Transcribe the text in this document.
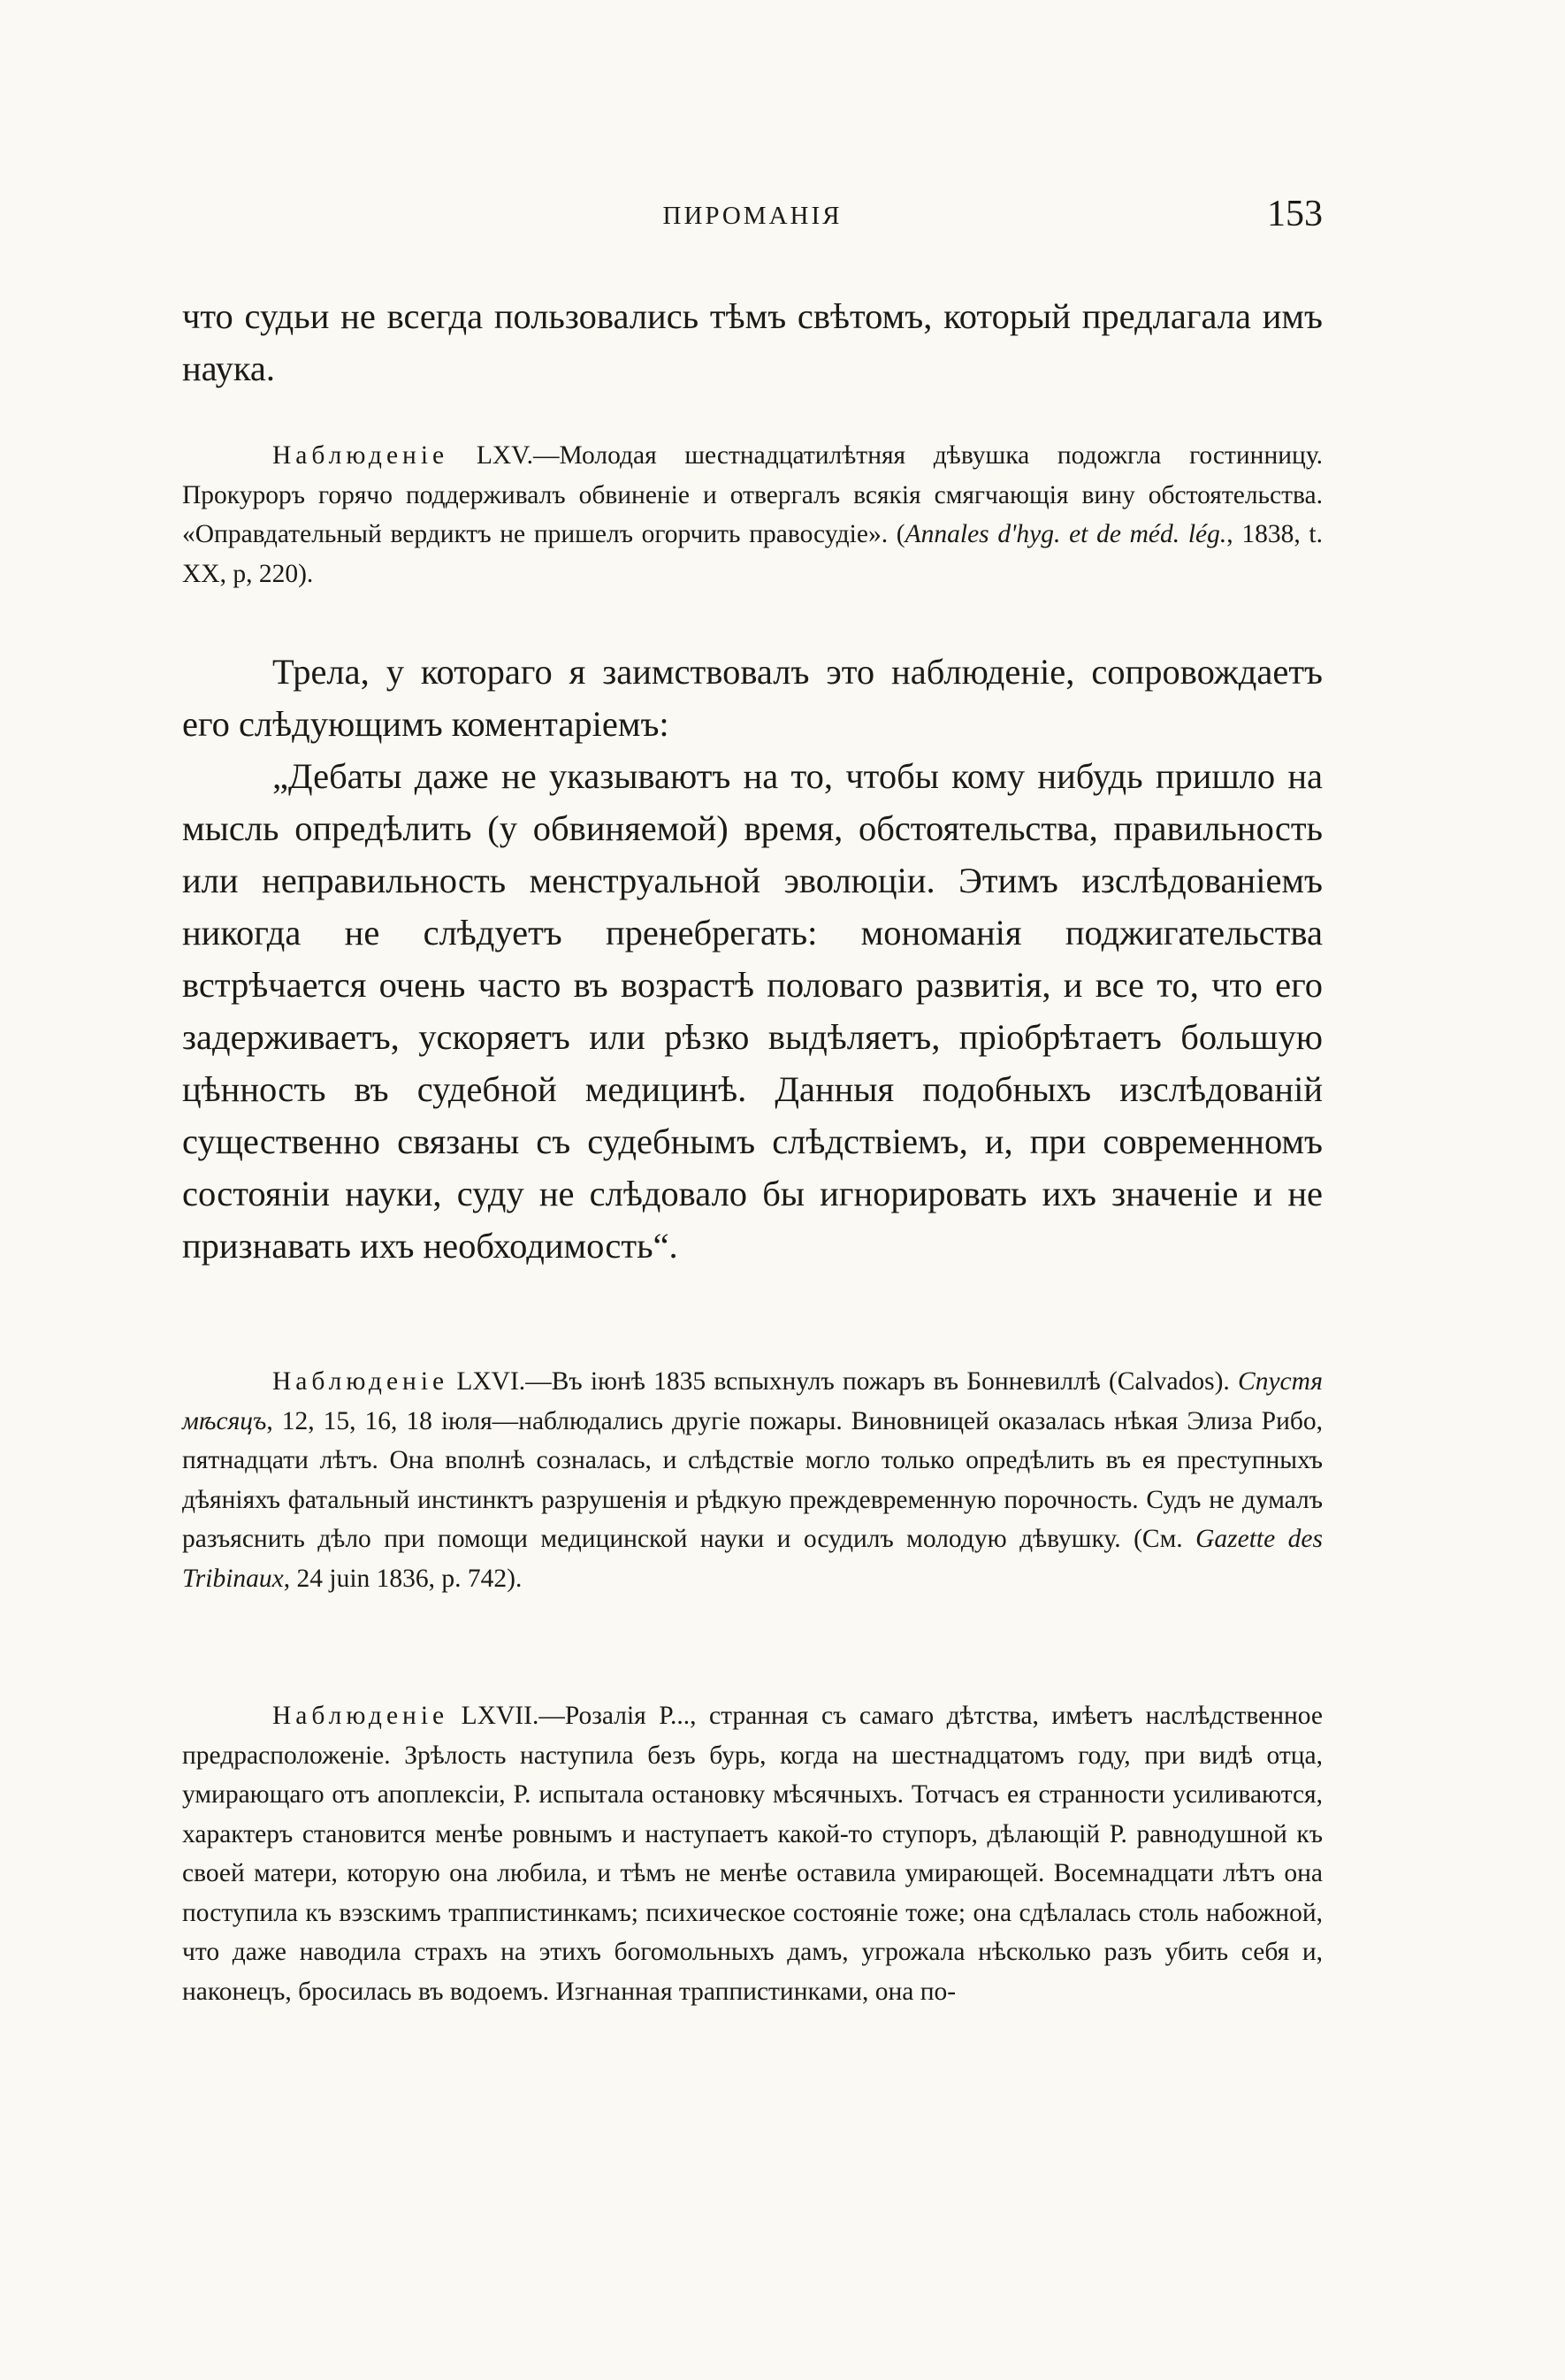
ПИРОМАНІЯ	153

что судьи не всегда пользовались тѣмъ свѣтомъ, который предлагала имъ наука.

Наблюденіе LXV.—Молодая шестнадцатилѣтняя дѣвушка подожгла гостинницу. Прокуроръ горячо поддерживалъ обвиненіе и отвергалъ всякія смягчающія вину обстоятельства. «Оправдательный вердиктъ не пришелъ огорчить правосудіе». (Annales d'hyg. et de méd. lég., 1838, t. XX, p, 220).

Трела, у котораго я заимствовалъ это наблюденіе, сопровождаетъ его слѣдующимъ коментаріемъ:

„Дебаты даже не указываютъ на то, чтобы кому нибудь пришло на мысль опредѣлить (у обвиняемой) время, обстоятельства, правильность или неправильность менструальной эволюціи. Этимъ изслѣдованіемъ никогда не слѣдуетъ пренебрегать: мономанія поджигательства встрѣчается очень часто въ возрастѣ половаго развитія, и все то, что его задерживаетъ, ускоряетъ или рѣзко выдѣляетъ, пріобрѣтаетъ большую цѣнность въ судебной медицинѣ. Данныя подобныхъ изслѣдованій существенно связаны съ судебнымъ слѣдствіемъ, и, при современномъ состояніи науки, суду не слѣдовало бы игнорировать ихъ значеніе и не признавать ихъ необходимость“.

Наблюденіе LXVI.—Въ іюнѣ 1835 вспыхнулъ пожаръ въ Бонневиллѣ (Calvados). Спустя мѣсяцъ, 12, 15, 16, 18 іюля—наблюдались другіе пожары. Виновницей оказалась нѣкая Элиза Рибо, пятнадцати лѣтъ. Она вполнѣ созналась, и слѣдствіе могло только опредѣлить въ ея преступныхъ дѣяніяхъ фатальный инстинктъ разрушенія и рѣдкую преждевременную порочность. Судъ не думалъ разъяснить дѣло при помощи медицинской науки и осудилъ молодую дѣвушку. (См. Gazette des Tribinaux, 24 juin 1836, p. 742).

Наблюденіе LXVII.—Розалія Р..., странная съ самаго дѣтства, имѣетъ наслѣдственное предрасположеніе. Зрѣлость наступила безъ бурь, когда на шестнадцатомъ году, при видѣ отца, умирающаго отъ апоплексіи, Р. испытала остановку мѣсячныхъ. Тотчасъ ея странности усиливаются, характеръ становится менѣе ровнымъ и наступаетъ какой-то ступоръ, дѣлающій Р. равнодушной къ своей матери, которую она любила, и тѣмъ не менѣе оставила умирающей. Восемнадцати лѣтъ она поступила къ вэзскимъ траппистинкамъ; психическое состояніе тоже; она сдѣлалась столь набожной, что даже наводила страхъ на этихъ богомольныхъ дамъ, угрожала нѣсколько разъ убить себя и, наконецъ, бросилась въ водоемъ. Изгнанная траппистинками, она по-
